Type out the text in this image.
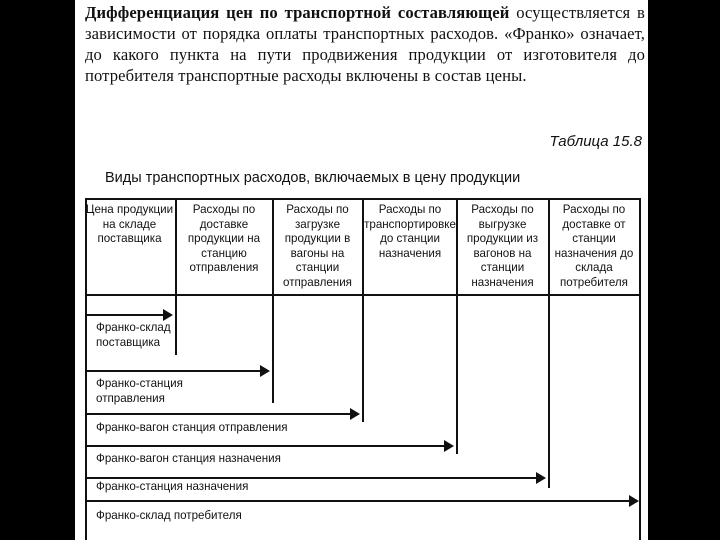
Дифференциация цен по транспортной составляющей осуществляется в зависимости от порядка оплаты транспортных расходов. «Франко» означает, до какого пункта на пути продвижения продукции от изготовителя до потребителя транспортные расходы включены в состав цены.
Таблица 15.8
Виды транспортных расходов, включаемых в цену продукции
Цена продукции на складе поставщика
Расходы по доставке продукции на станцию отправления
Расходы по загрузке продукции в вагоны на станции отправления
Расходы по транспортировке до станции назначения
Расходы по выгрузке продукции из вагонов на станции назначения
Расходы по доставке от станции назначения до склада потребителя
Франко-склад поставщика
Франко-станция отправления
Франко-вагон станция отправления
Франко-вагон станция назначения
Франко-станция назначения
Франко-склад потребителя
